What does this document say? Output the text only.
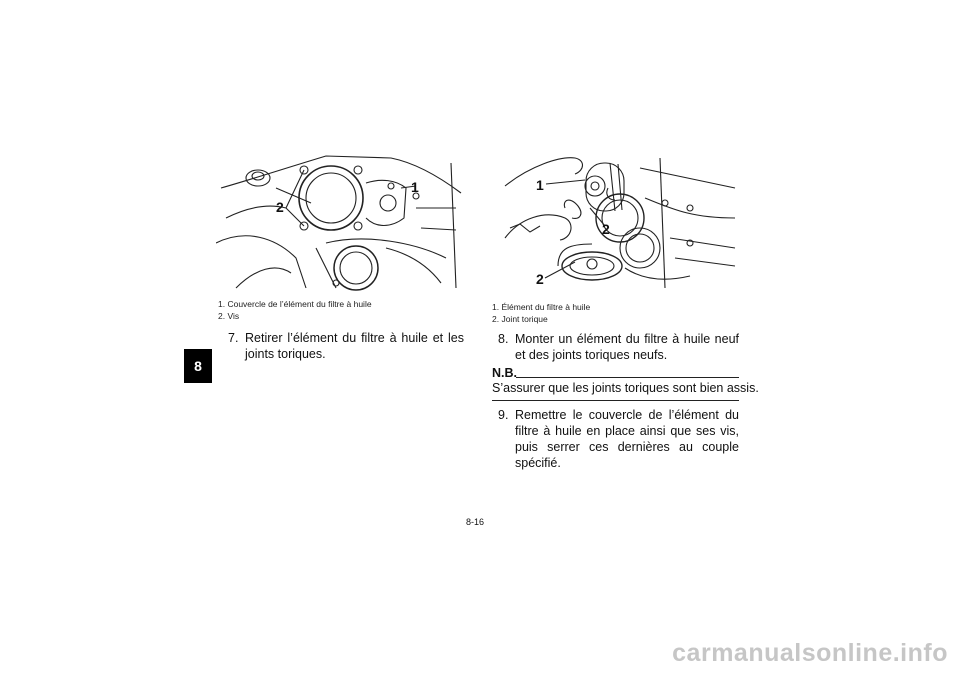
8
1
2
1. Couvercle de l’élément du filtre à huile
2. Vis
7. Retirer l’élément du filtre à huile et les joints toriques.
1
2
2
1. Élément du filtre à huile
2. Joint torique
8. Monter un élément du filtre à huile neuf et des joints toriques neufs.
N.B.
S’assurer que les joints toriques sont bien assis.
9. Remettre le couvercle de l’élément du filtre à huile en place ainsi que ses vis, puis serrer ces dernières au couple spécifié.
8-16
carmanualsonline.info
